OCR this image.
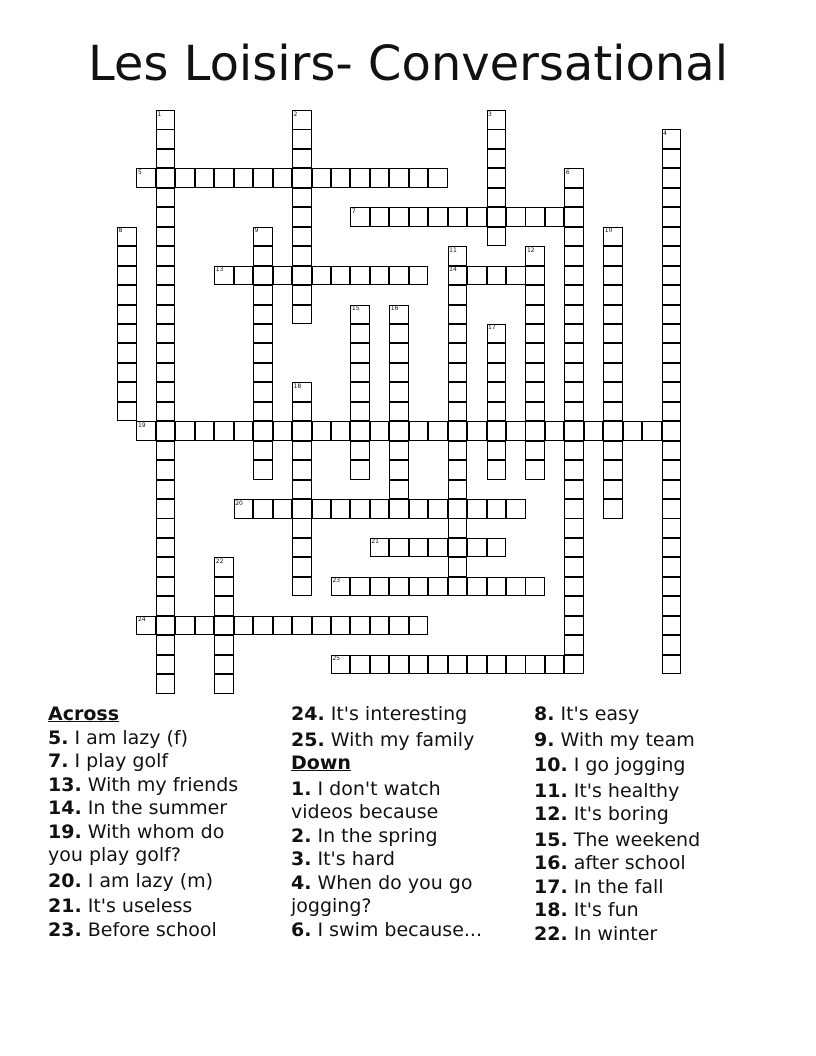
Les Loisirs- Conversational
1	2	3
4
5	6
7
8	9	10
11
14
12
13
15	16
17
18
19
20
21
22
23
24
25
Across
5. I am lazy (f)
7. I play golf
13. With my friends
14. In the summer
19. With whom do you play golf?
20. I am lazy (m)
21. It's useless
23. Before school
24. It's interesting
25. With my family
Down
1. I don't watch videos because
2. In the spring
3. It's hard
4. When do you go jogging?
6. I swim because...
8. It's easy
9. With my team
10. I go jogging
11. It's healthy
12. It's boring
15. The weekend
16. after school
17. In the fall
18. It's fun
22. In winter
